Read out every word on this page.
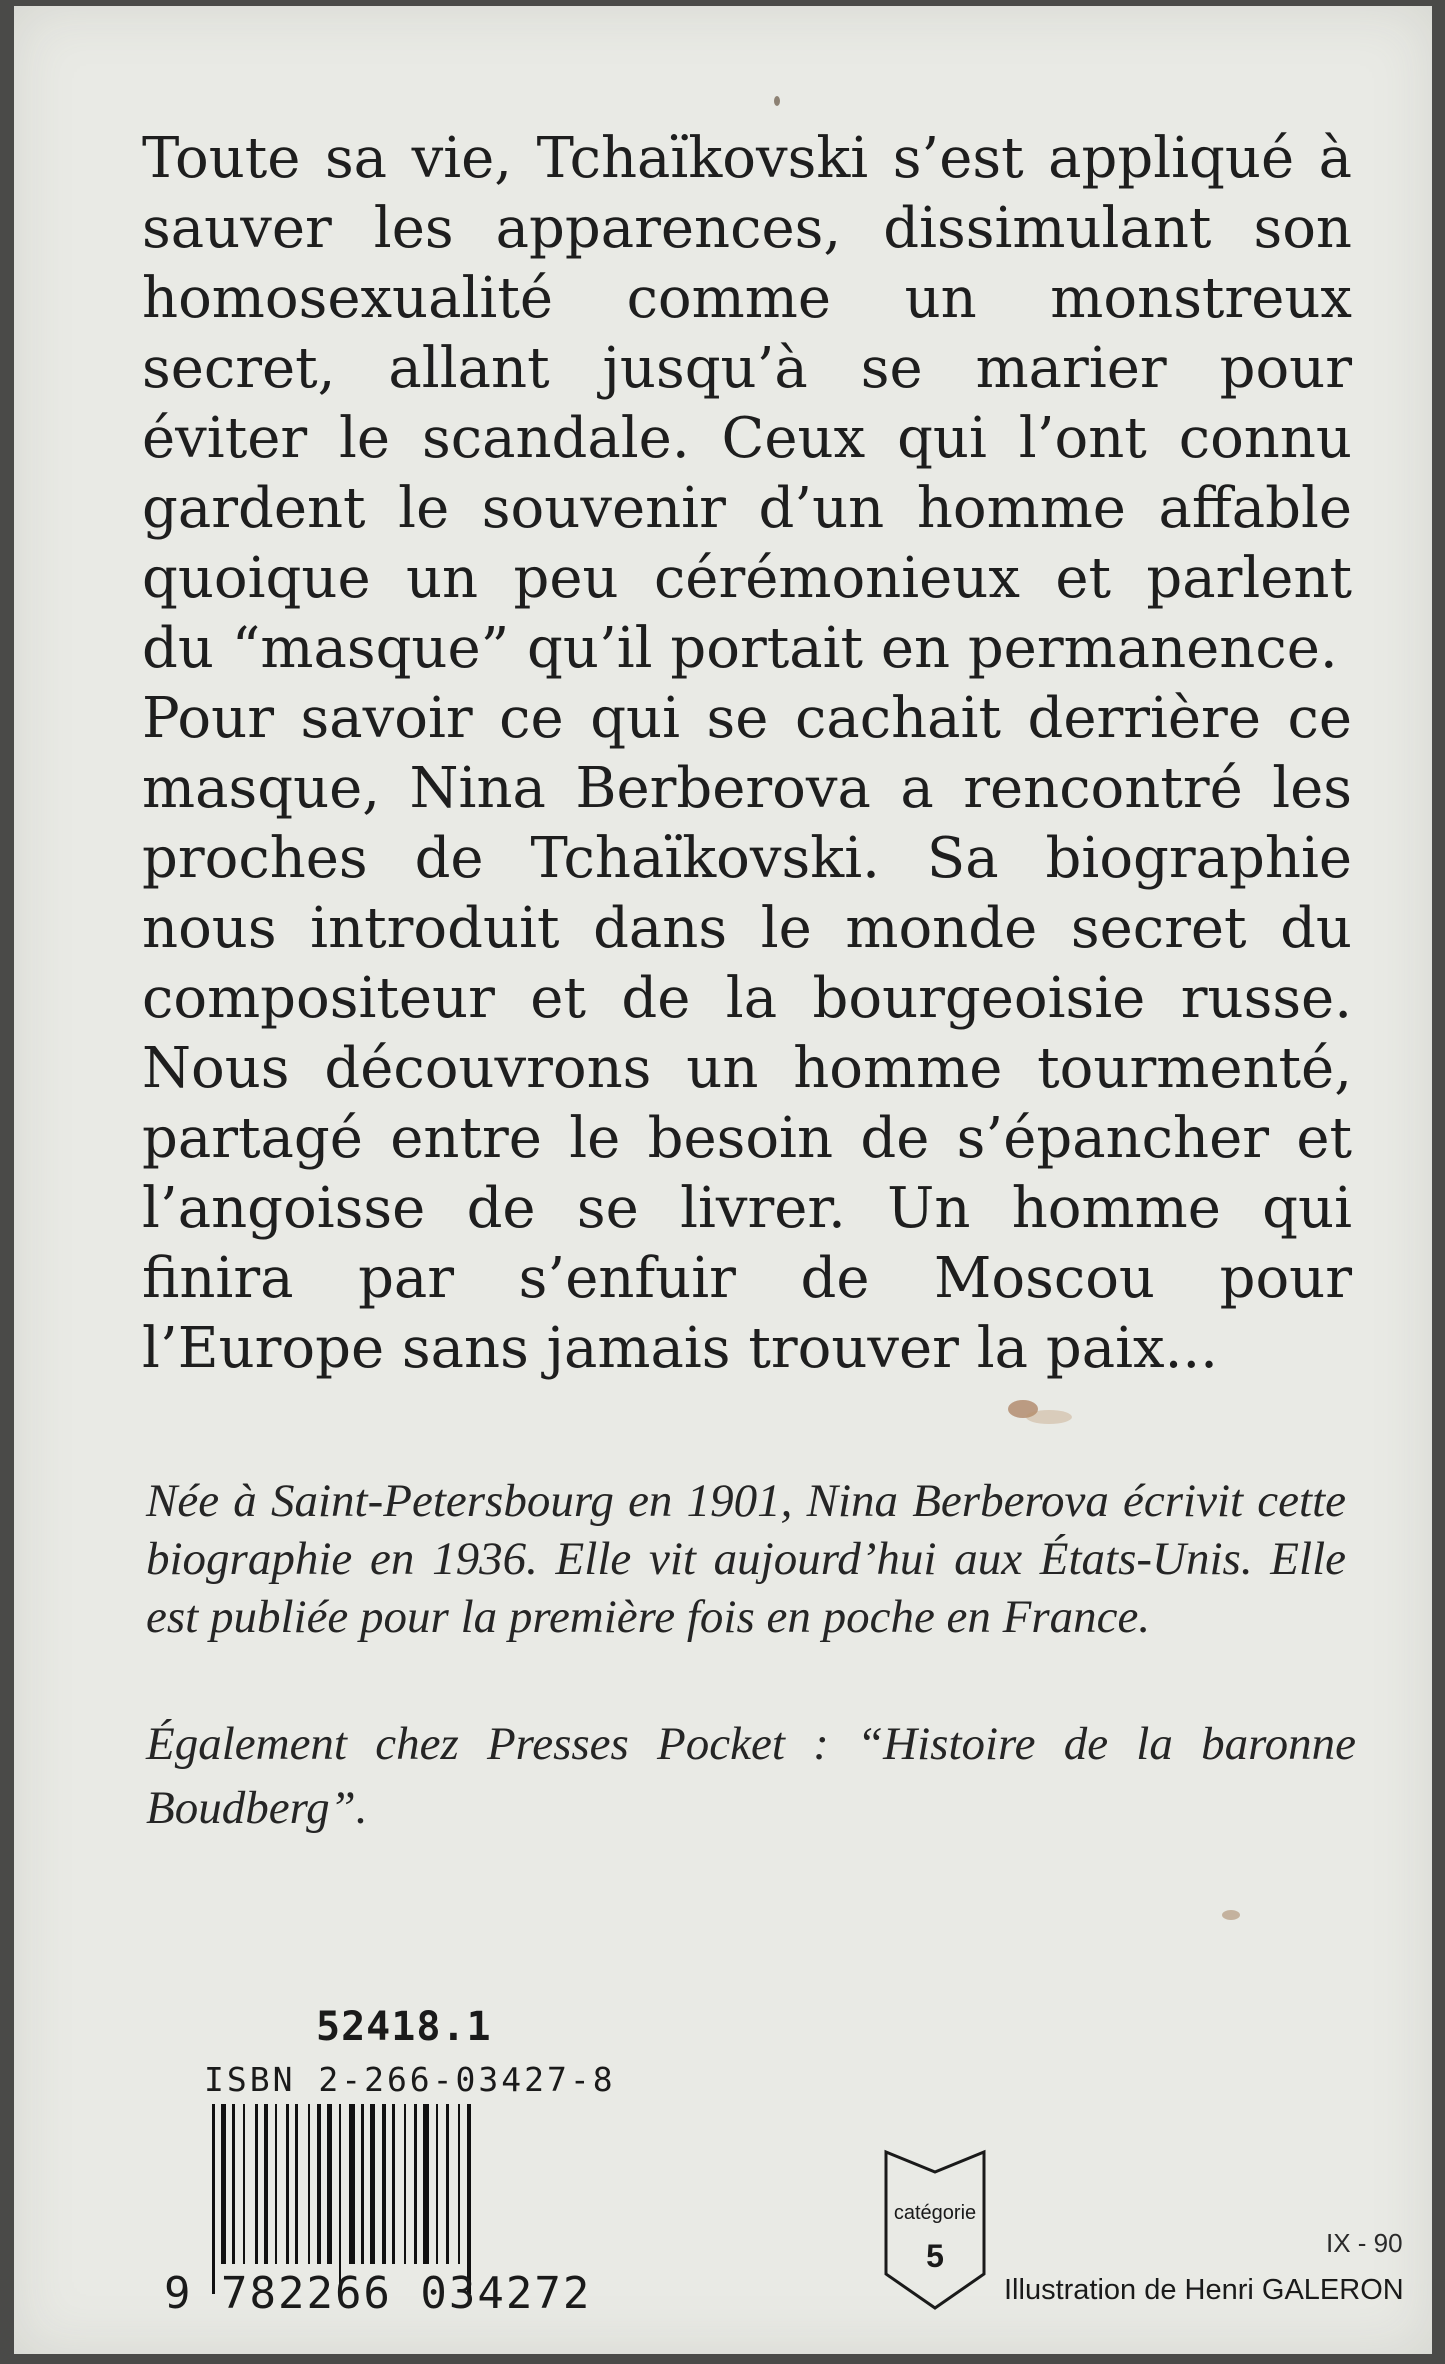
Toute sa vie, Tchaïkovski s’est appliqué à sauver les apparences, dissimulant son homosexualité comme un monstreux secret, allant jusqu’à se marier pour éviter le scandale. Ceux qui l’ont connu gardent le souvenir d’un homme affable quoique un peu cérémonieux et parlent du “masque” qu’il portait en permanence.

Pour savoir ce qui se cachait derrière ce masque, Nina Berberova a rencontré les proches de Tchaïkovski. Sa biographie nous introduit dans le monde secret du compositeur et de la bourgeoisie russe. Nous découvrons un homme tourmenté, partagé entre le besoin de s’épancher et l’angoisse de se livrer. Un homme qui finira par s’enfuir de Moscou pour l’Europe sans jamais trouver la paix...

Née à Saint-Petersbourg en 1901, Nina Berberova écrivit cette biographie en 1936. Elle vit aujourd’hui aux États-Unis. Elle est publiée pour la première fois en poche en France.
Également chez Presses Pocket : “Histoire de la baronne Boudberg”.
52418.1
ISBN 2-266-03427-8
9 782266 034272
catégorie
5	IX - 90
Illustration de Henri GALERON
